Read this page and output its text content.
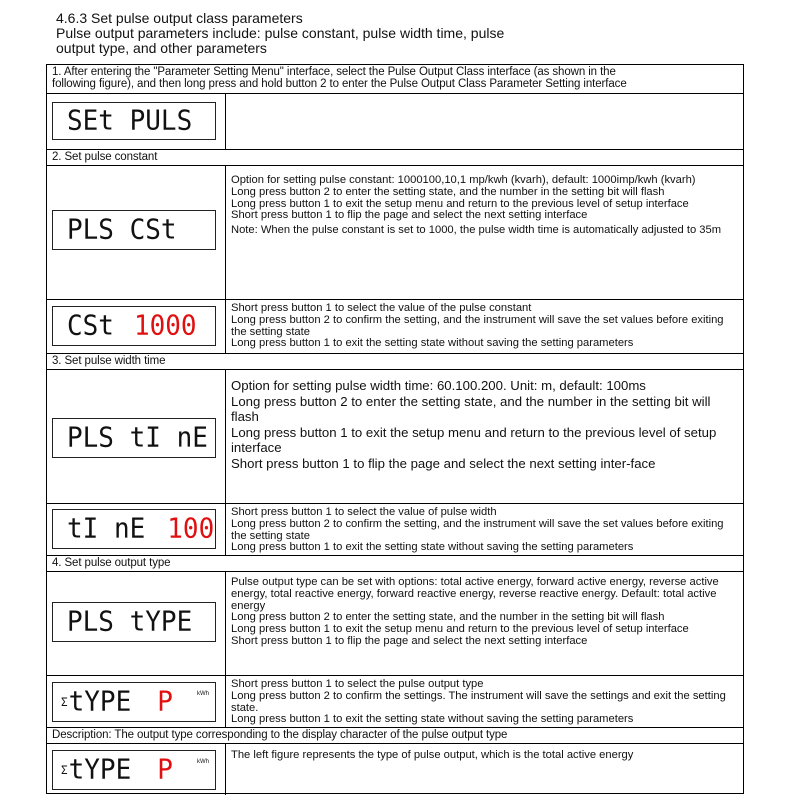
4.6.3 Set pulse output class parameters
Pulse output parameters include: pulse constant, pulse width time, pulse
output type, and other parameters
1. After entering the "Parameter Setting Menu" interface, select the Pulse Output Class interface (as shown in the
following figure), and then long press and hold button 2 to enter the Pulse Output Class Parameter Setting interface
SEt PULS
2. Set pulse constant
PLS CSt

Option for setting pulse constant: 1000100,10,1 mp/kwh (kvarh), default: 1000imp/kwh (kvarh)

Long press button 2 to enter the setting state, and the number in the setting bit will flash

Long press button 1 to exit the setup menu and return to the previous level of setup interface

Short press button 1 to flip the page and select the next setting interface

Note: When the pulse constant is set to 1000, the pulse width time is automatically adjusted to 35m

CSt 1000

Short press button 1 to select the value of the pulse constant

Long press button 2 to confirm the setting, and the instrument will save the set values before exiting the setting state

Long press button 1 to exit the setting state without saving the setting parameters

3. Set pulse width time
PLS tI nE

Option for setting pulse width time: 60.100.200. Unit: m, default: 100ms

Long press button 2 to enter the setting state, and the number in the setting bit will flash

Long press button 1 to exit the setup menu and return to the previous level of setup interface

Short press button 1 to flip the page and select the next setting inter-face

tI nE 100

Short press button 1 to select the value of pulse width

Long press button 2 to confirm the setting, and the instrument will save the set values before exiting the setting state

Long press button 1 to exit the setting state without saving the setting parameters

4. Set pulse output type
PLS tYPE

Pulse output type can be set with options: total active energy, forward active energy, reverse active energy, total reactive energy, forward reactive energy, reverse reactive energy. Default: total active energy

Long press button 2 to enter the setting state, and the number in the setting bit will flash

Long press button 1 to exit the setup menu and return to the previous level of setup interface

Short press button 1 to flip the page and select the next setting interface

Σ tYPE P	kWh

Short press button 1 to select the pulse output type

Long press button 2 to confirm the settings. The instrument will save the settings and exit the setting state.

Long press button 1 to exit the setting state without saving the setting parameters

Description: The output type corresponding to the display character of the pulse output type
Σ tYPE P	kWh

The left figure represents the type of pulse output, which is the total active energy
